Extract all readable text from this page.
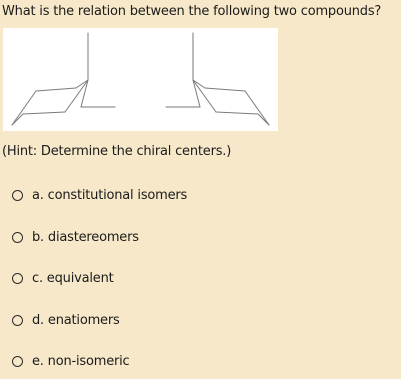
What is the relation between the following two compounds?
(Hint: Determine the chiral centers.)
a. constitutional isomers
b. diastereomers
c. equivalent
d. enatiomers
e. non-isomeric
